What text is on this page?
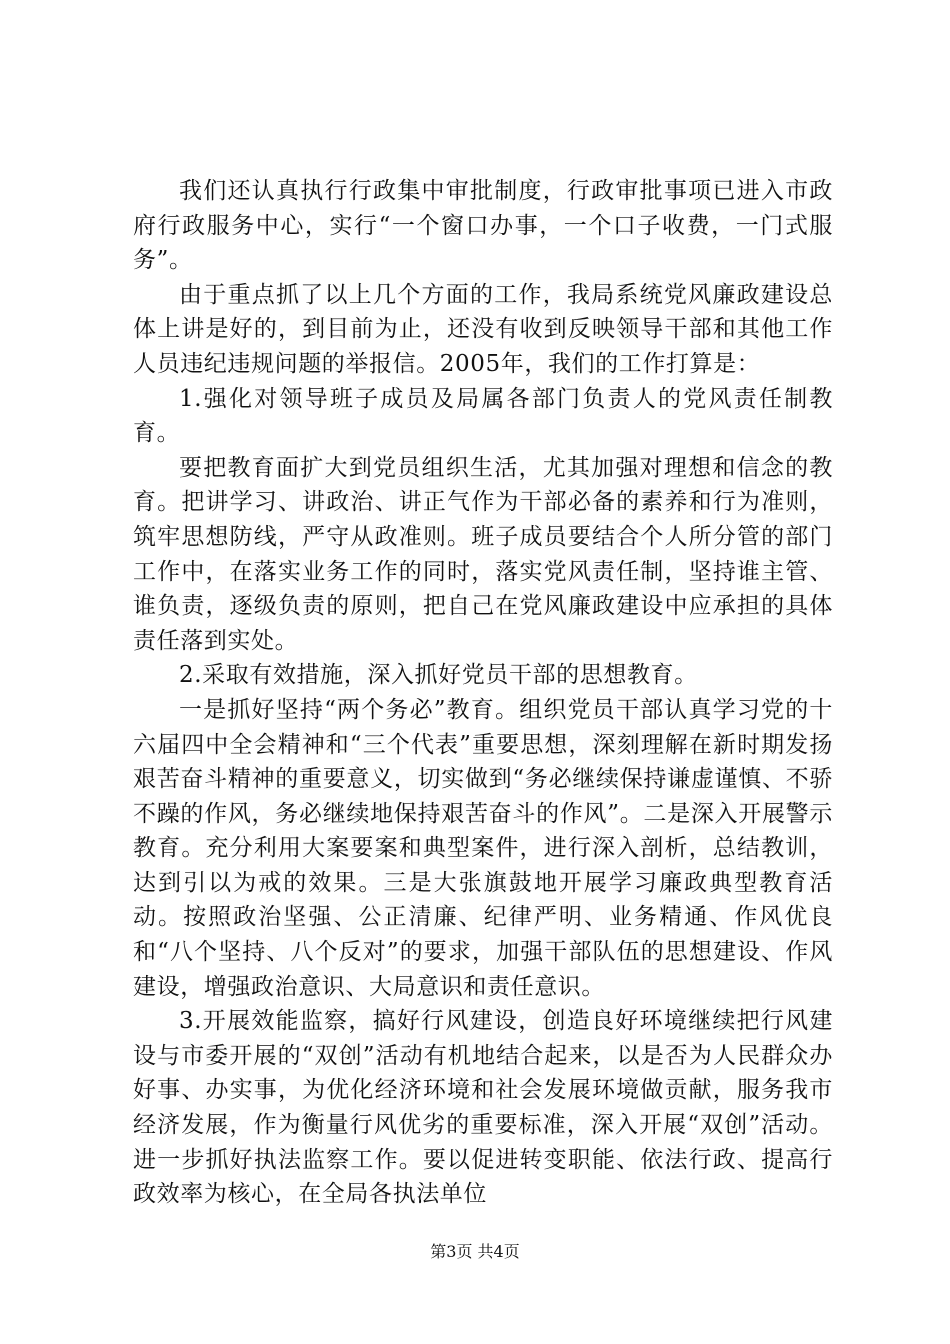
我们还认真执行行政集中审批制度，行政审批事项已进入市政府行政服务中心，实行“一个窗口办事，一个口子收费，一门式服务”。

由于重点抓了以上几个方面的工作，我局系统党风廉政建设总体上讲是好的，到目前为止，还没有收到反映领导干部和其他工作人员违纪违规问题的举报信。2005年，我们的工作打算是：

1.强化对领导班子成员及局属各部门负责人的党风责任制教育。

要把教育面扩大到党员组织生活，尤其加强对理想和信念的教育。把讲学习、讲政治、讲正气作为干部必备的素养和行为准则，筑牢思想防线，严守从政准则。班子成员要结合个人所分管的部门工作中，在落实业务工作的同时，落实党风责任制，坚持谁主管、谁负责，逐级负责的原则，把自己在党风廉政建设中应承担的具体责任落到实处。

2.采取有效措施，深入抓好党员干部的思想教育。

一是抓好坚持“两个务必”教育。组织党员干部认真学习党的十六届四中全会精神和“三个代表”重要思想，深刻理解在新时期发扬艰苦奋斗精神的重要意义，切实做到“务必继续保持谦虚谨慎、不骄不躁的作风，务必继续地保持艰苦奋斗的作风”。二是深入开展警示教育。充分利用大案要案和典型案件，进行深入剖析，总结教训，达到引以为戒的效果。三是大张旗鼓地开展学习廉政典型教育活动。按照政治坚强、公正清廉、纪律严明、业务精通、作风优良和“八个坚持、八个反对”的要求，加强干部队伍的思想建设、作风建设，增强政治意识、大局意识和责任意识。

3.开展效能监察，搞好行风建设，创造良好环境继续把行风建设与市委开展的“双创”活动有机地结合起来，以是否为人民群众办好事、办实事，为优化经济环境和社会发展环境做贡献，服务我市经济发展，作为衡量行风优劣的重要标准，深入开展“双创”活动。进一步抓好执法监察工作。要以促进转变职能、依法行政、提高行政效率为核心，在全局各执法单位

第3页 共4页
